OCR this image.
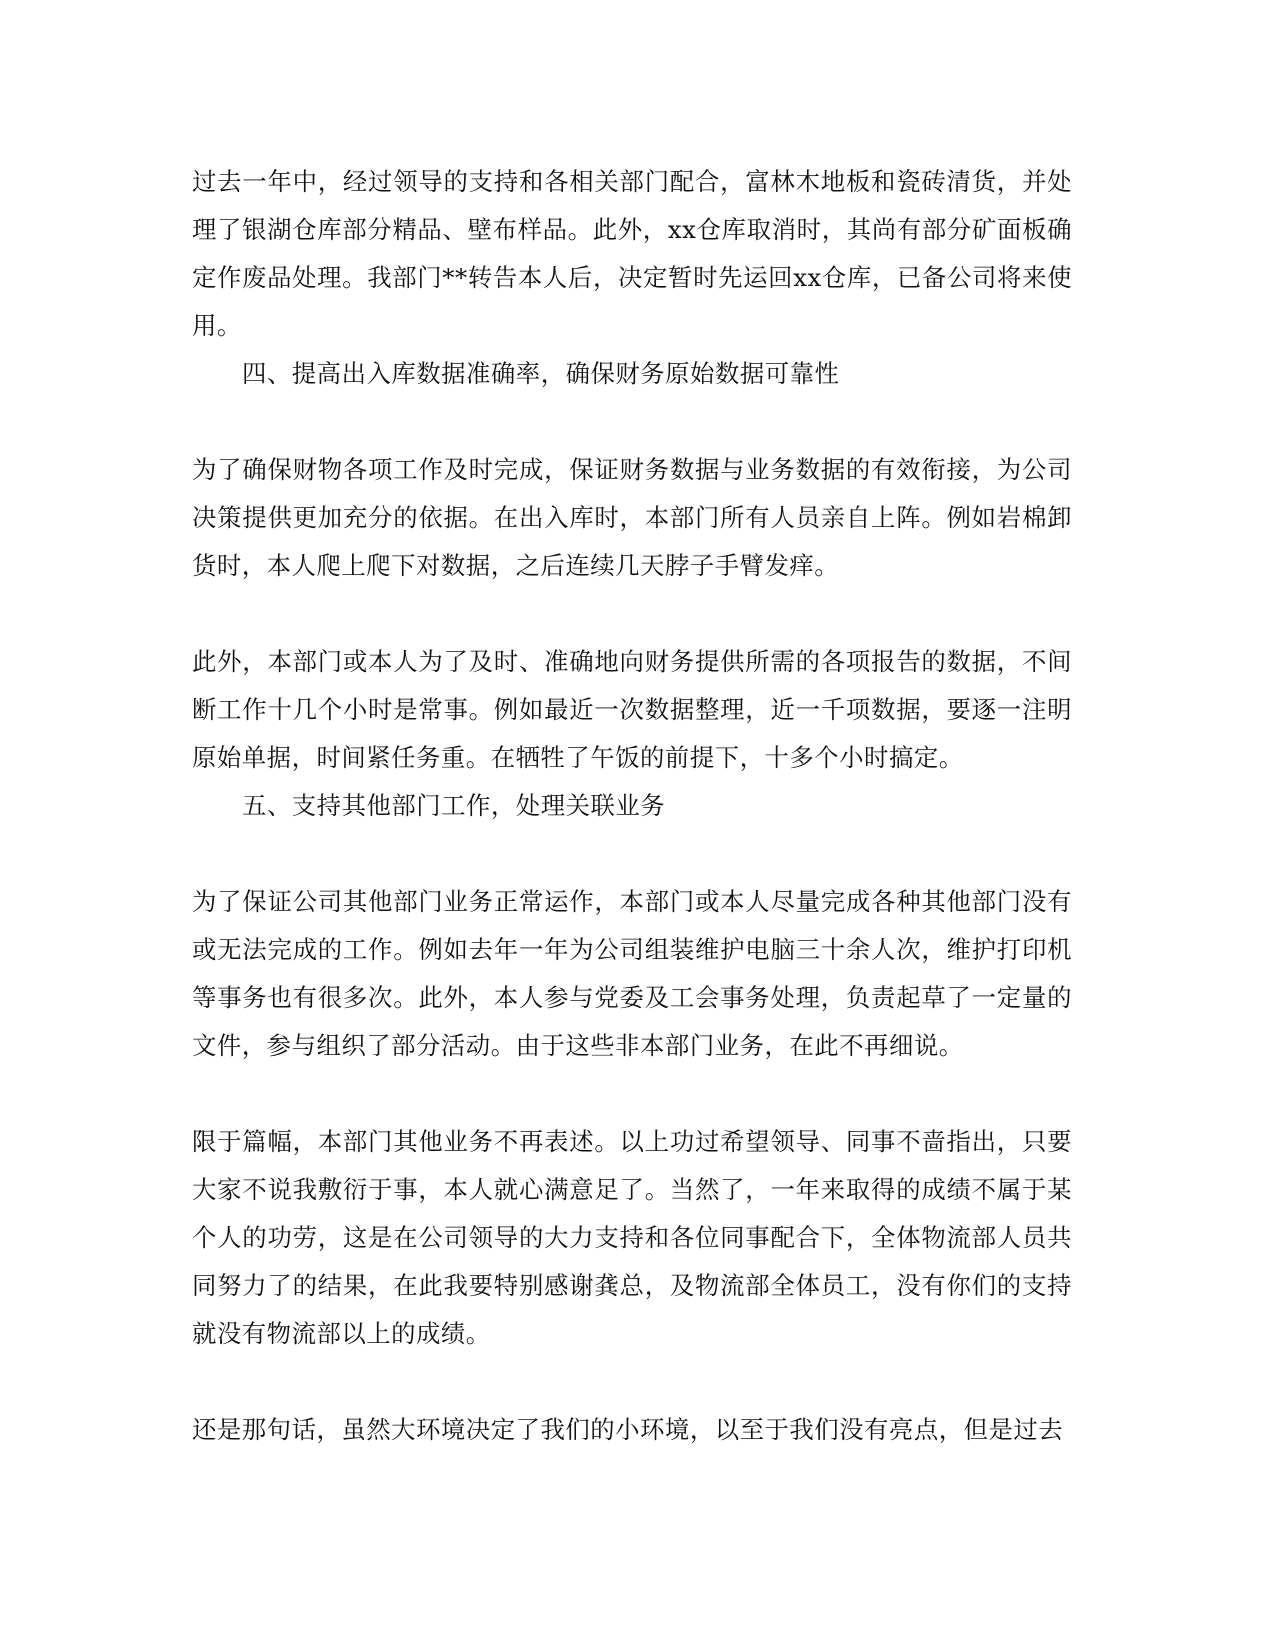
过去一年中，经过领导的支持和各相关部门配合，富林木地板和瓷砖清货，并处理了银湖仓库部分精品、壁布样品。此外，xx仓库取消时，其尚有部分矿面板确定作废品处理。我部门**转告本人后，决定暂时先运回xx仓库，已备公司将来使用。

四、提高出入库数据准确率，确保财务原始数据可靠性

为了确保财物各项工作及时完成，保证财务数据与业务数据的有效衔接，为公司决策提供更加充分的依据。在出入库时，本部门所有人员亲自上阵。例如岩棉卸货时，本人爬上爬下对数据，之后连续几天脖子手臂发痒。

此外，本部门或本人为了及时、准确地向财务提供所需的各项报告的数据，不间断工作十几个小时是常事。例如最近一次数据整理，近一千项数据，要逐一注明原始单据，时间紧任务重。在牺牲了午饭的前提下，十多个小时搞定。

五、支持其他部门工作，处理关联业务

为了保证公司其他部门业务正常运作，本部门或本人尽量完成各种其他部门没有或无法完成的工作。例如去年一年为公司组装维护电脑三十余人次，维护打印机等事务也有很多次。此外，本人参与党委及工会事务处理，负责起草了一定量的文件，参与组织了部分活动。由于这些非本部门业务，在此不再细说。

限于篇幅，本部门其他业务不再表述。以上功过希望领导、同事不啬指出，只要大家不说我敷衍于事，本人就心满意足了。当然了，一年来取得的成绩不属于某个人的功劳，这是在公司领导的大力支持和各位同事配合下，全体物流部人员共同努力了的结果，在此我要特别感谢龚总，及物流部全体员工，没有你们的支持就没有物流部以上的成绩。

还是那句话，虽然大环境决定了我们的小环境，以至于我们没有亮点，但是过去
